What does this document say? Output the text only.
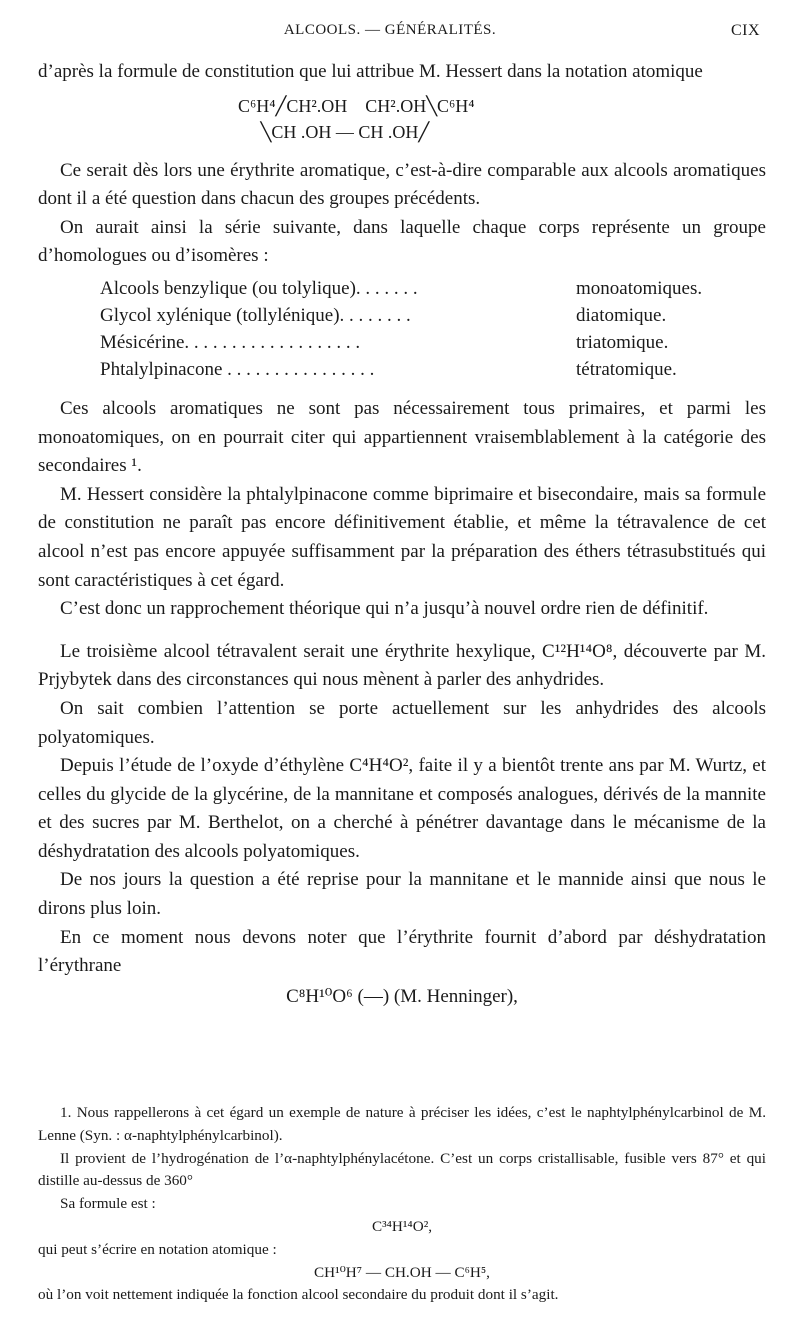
ALCOOLS. — GÉNÉRALITÉS.	CIX

d’après la formule de constitution que lui attribue M. Hessert dans la notation atomique

C⁶H⁴╱CH².OH    CH².OH╲C⁶H⁴
╲CH .OH — CH .OH╱

Ce serait dès lors une érythrite aromatique, c’est-à-dire comparable aux alcools aromatiques dont il a été question dans chacun des groupes précédents.

On aurait ainsi la série suivante, dans laquelle chaque corps représente un groupe d’homologues ou d’isomères :

Alcools benzylique (ou tolylique). . . . . . .	monoatomiques.
Glycol xylénique (tollylénique). . . . . . . .	diatomique.
Mésicérine. . . . . . . . . . . . . . . . . . .	triatomique.
Phtalylpinacone . . . . . . . . . . . . . . . .	tétratomique.

Ces alcools aromatiques ne sont pas nécessairement tous primaires, et parmi les monoatomiques, on en pourrait citer qui appartiennent vraisemblablement à la catégorie des secondaires ¹.

M. Hessert considère la phtalylpinacone comme biprimaire et bisecondaire, mais sa formule de constitution ne paraît pas encore définitivement établie, et même la tétravalence de cet alcool n’est pas encore appuyée suffisamment par la préparation des éthers tétrasubstitués qui sont caractéristiques à cet égard.

C’est donc un rapprochement théorique qui n’a jusqu’à nouvel ordre rien de définitif.

Le troisième alcool tétravalent serait une érythrite hexylique, C¹²H¹⁴O⁸, découverte par M. Prjybytek dans des circonstances qui nous mènent à parler des anhydrides.

On sait combien l’attention se porte actuellement sur les anhydrides des alcools polyatomiques.

Depuis l’étude de l’oxyde d’éthylène C⁴H⁴O², faite il y a bientôt trente ans par M. Wurtz, et celles du glycide de la glycérine, de la mannitane et composés analogues, dérivés de la mannite et des sucres par M. Berthelot, on a cherché à pénétrer davantage dans le mécanisme de la déshydratation des alcools polyatomiques.

De nos jours la question a été reprise pour la mannitane et le mannide ainsi que nous le dirons plus loin.

En ce moment nous devons noter que l’érythrite fournit d’abord par déshydratation l’érythrane

C⁸H¹⁰O⁶ (—) (M. Henninger),

1. Nous rappellerons à cet égard un exemple de nature à préciser les idées, c’est le naphtylphénylcarbinol de M. Lenne (Syn. : α-naphtylphénylcarbinol).

Il provient de l’hydrogénation de l’α-naphtylphénylacétone. C’est un corps cristallisable, fusible vers 87° et qui distille au-dessus de 360°

Sa formule est :

C³⁴H¹⁴O²,

qui peut s’écrire en notation atomique :

CH¹⁰H⁷ — CH.OH — C⁶H⁵,

où l’on voit nettement indiquée la fonction alcool secondaire du produit dont il s’agit.
